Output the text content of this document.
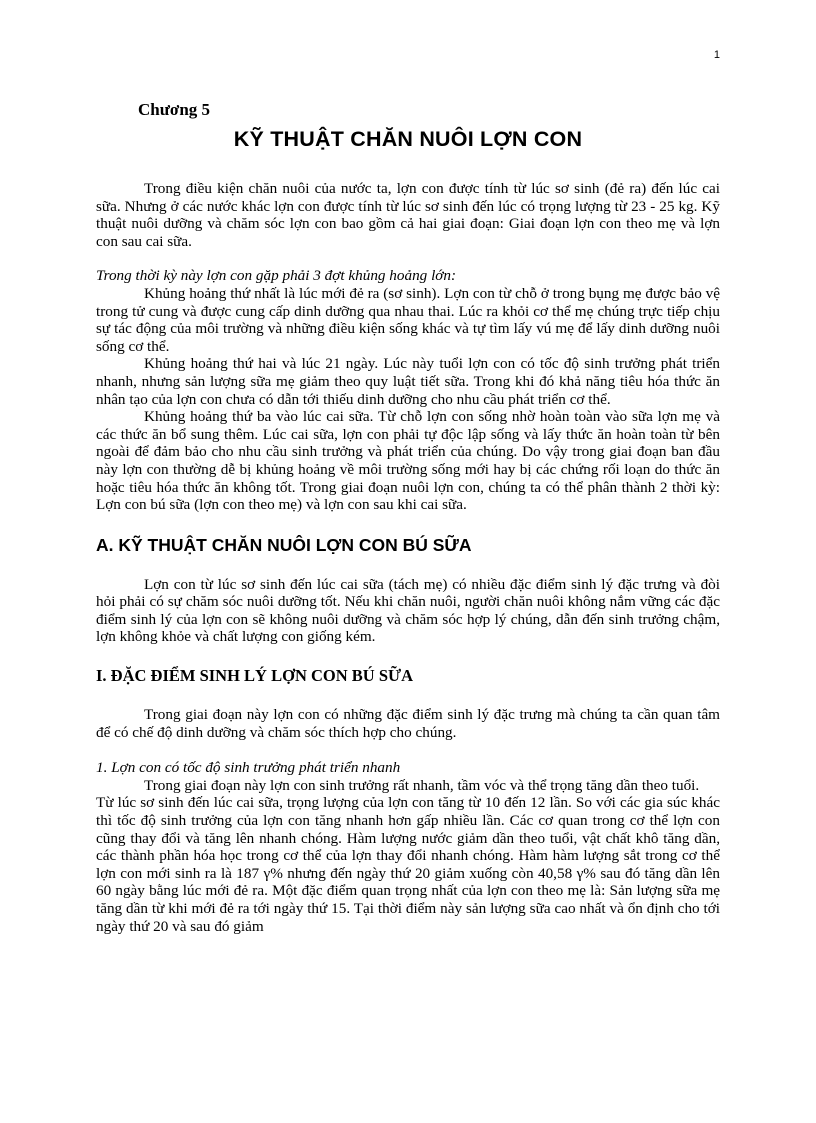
1
Chương 5
KỸ THUẬT CHĂN NUÔI LỢN CON

Trong điều kiện chăn nuôi của nước ta, lợn con được tính từ lúc sơ sinh (đẻ ra) đến lúc cai sữa. Nhưng ở các nước khác lợn con được tính từ lúc sơ sinh đến lúc có trọng lượng từ 23 - 25 kg. Kỹ thuật nuôi dưỡng và chăm sóc lợn con bao gồm cả hai giai đoạn: Giai đoạn lợn con theo mẹ và lợn con sau cai sữa.

Trong thời kỳ này lợn con gặp phải 3 đợt khủng hoảng lớn:

Khủng hoảng thứ nhất là lúc mới đẻ ra (sơ sinh). Lợn con từ chỗ ở trong bụng mẹ được bảo vệ trong tử cung và được cung cấp dinh dưỡng qua nhau thai. Lúc ra khỏi cơ thể mẹ chúng trực tiếp chịu sự tác động của môi trường và những điều kiện sống khác và tự tìm lấy vú mẹ để lấy dinh dưỡng nuôi sống cơ thể.

Khủng hoảng thứ hai và lúc 21 ngày. Lúc này tuổi lợn con có tốc độ sinh trưởng phát triển nhanh, nhưng sản lượng sữa mẹ giảm theo quy luật tiết sữa. Trong khi đó khả năng tiêu hóa thức ăn nhân tạo của lợn con chưa có dẫn tới thiếu dinh dưỡng cho nhu cầu phát triển cơ thể.

Khủng hoảng thứ ba vào lúc cai sữa. Từ chỗ lợn con sống nhờ hoàn toàn vào sữa lợn mẹ và các thức ăn bổ sung thêm. Lúc cai sữa, lợn con phải tự độc lập sống và lấy thức ăn hoàn toàn từ bên ngoài để đảm bảo cho nhu cầu sinh trưởng và phát triển của chúng. Do vậy trong giai đoạn ban đầu này lợn con thường dễ bị khủng hoảng về môi trường sống mới hay bị các chứng rối loạn do thức ăn hoặc tiêu hóa thức ăn không tốt. Trong giai đoạn nuôi lợn con, chúng ta có thể phân thành 2 thời kỳ: Lợn con bú sữa (lợn con theo mẹ) và lợn con sau khi cai sữa.

A. KỸ THUẬT CHĂN NUÔI LỢN CON BÚ SỮA

Lợn con từ lúc sơ sinh đến lúc cai sữa (tách mẹ) có nhiều đặc điểm sinh lý đặc trưng và đòi hỏi phải có sự chăm sóc nuôi dưỡng tốt. Nếu khi chăn nuôi, người chăn nuôi không nắm vững các đặc điểm sinh lý của lợn con sẽ không nuôi dưỡng và chăm sóc hợp lý chúng, dẫn đến sinh trưởng chậm, lợn không khỏe và chất lượng con giống kém.

I. ĐẶC ĐIỂM SINH LÝ LỢN CON BÚ SỮA

Trong giai đoạn này lợn con có những đặc điểm sinh lý đặc trưng mà chúng ta cần quan tâm để có chế độ dinh dưỡng và chăm sóc thích hợp cho chúng.

1. Lợn con có tốc độ sinh trưởng phát triển nhanh

Trong giai đoạn này lợn con sinh trưởng rất nhanh, tầm vóc và thể trọng tăng dần theo tuổi.

Từ lúc sơ sinh đến lúc cai sữa, trọng lượng của lợn con tăng từ 10 đến 12 lần. So với các gia súc khác thì tốc độ sinh trưởng của lợn con tăng nhanh hơn gấp nhiều lần. Các cơ quan trong cơ thể lợn con cũng thay đổi và tăng lên nhanh chóng. Hàm lượng nước giảm dần theo tuổi, vật chất khô tăng dần, các thành phần hóa học trong cơ thể của lợn thay đổi nhanh chóng. Hàm hàm lượng sắt trong cơ thể lợn con mới sinh ra là 187 γ% nhưng đến ngày thứ 20 giảm xuống còn 40,58 γ% sau đó tăng dần lên 60 ngày bằng lúc mới đẻ ra. Một đặc điểm quan trọng nhất của lợn con theo mẹ là: Sản lượng sữa mẹ tăng dần từ khi mới đẻ ra tới ngày thứ 15. Tại thời điểm này sản lượng sữa cao nhất và ổn định cho tới ngày thứ 20 và sau đó giảm
